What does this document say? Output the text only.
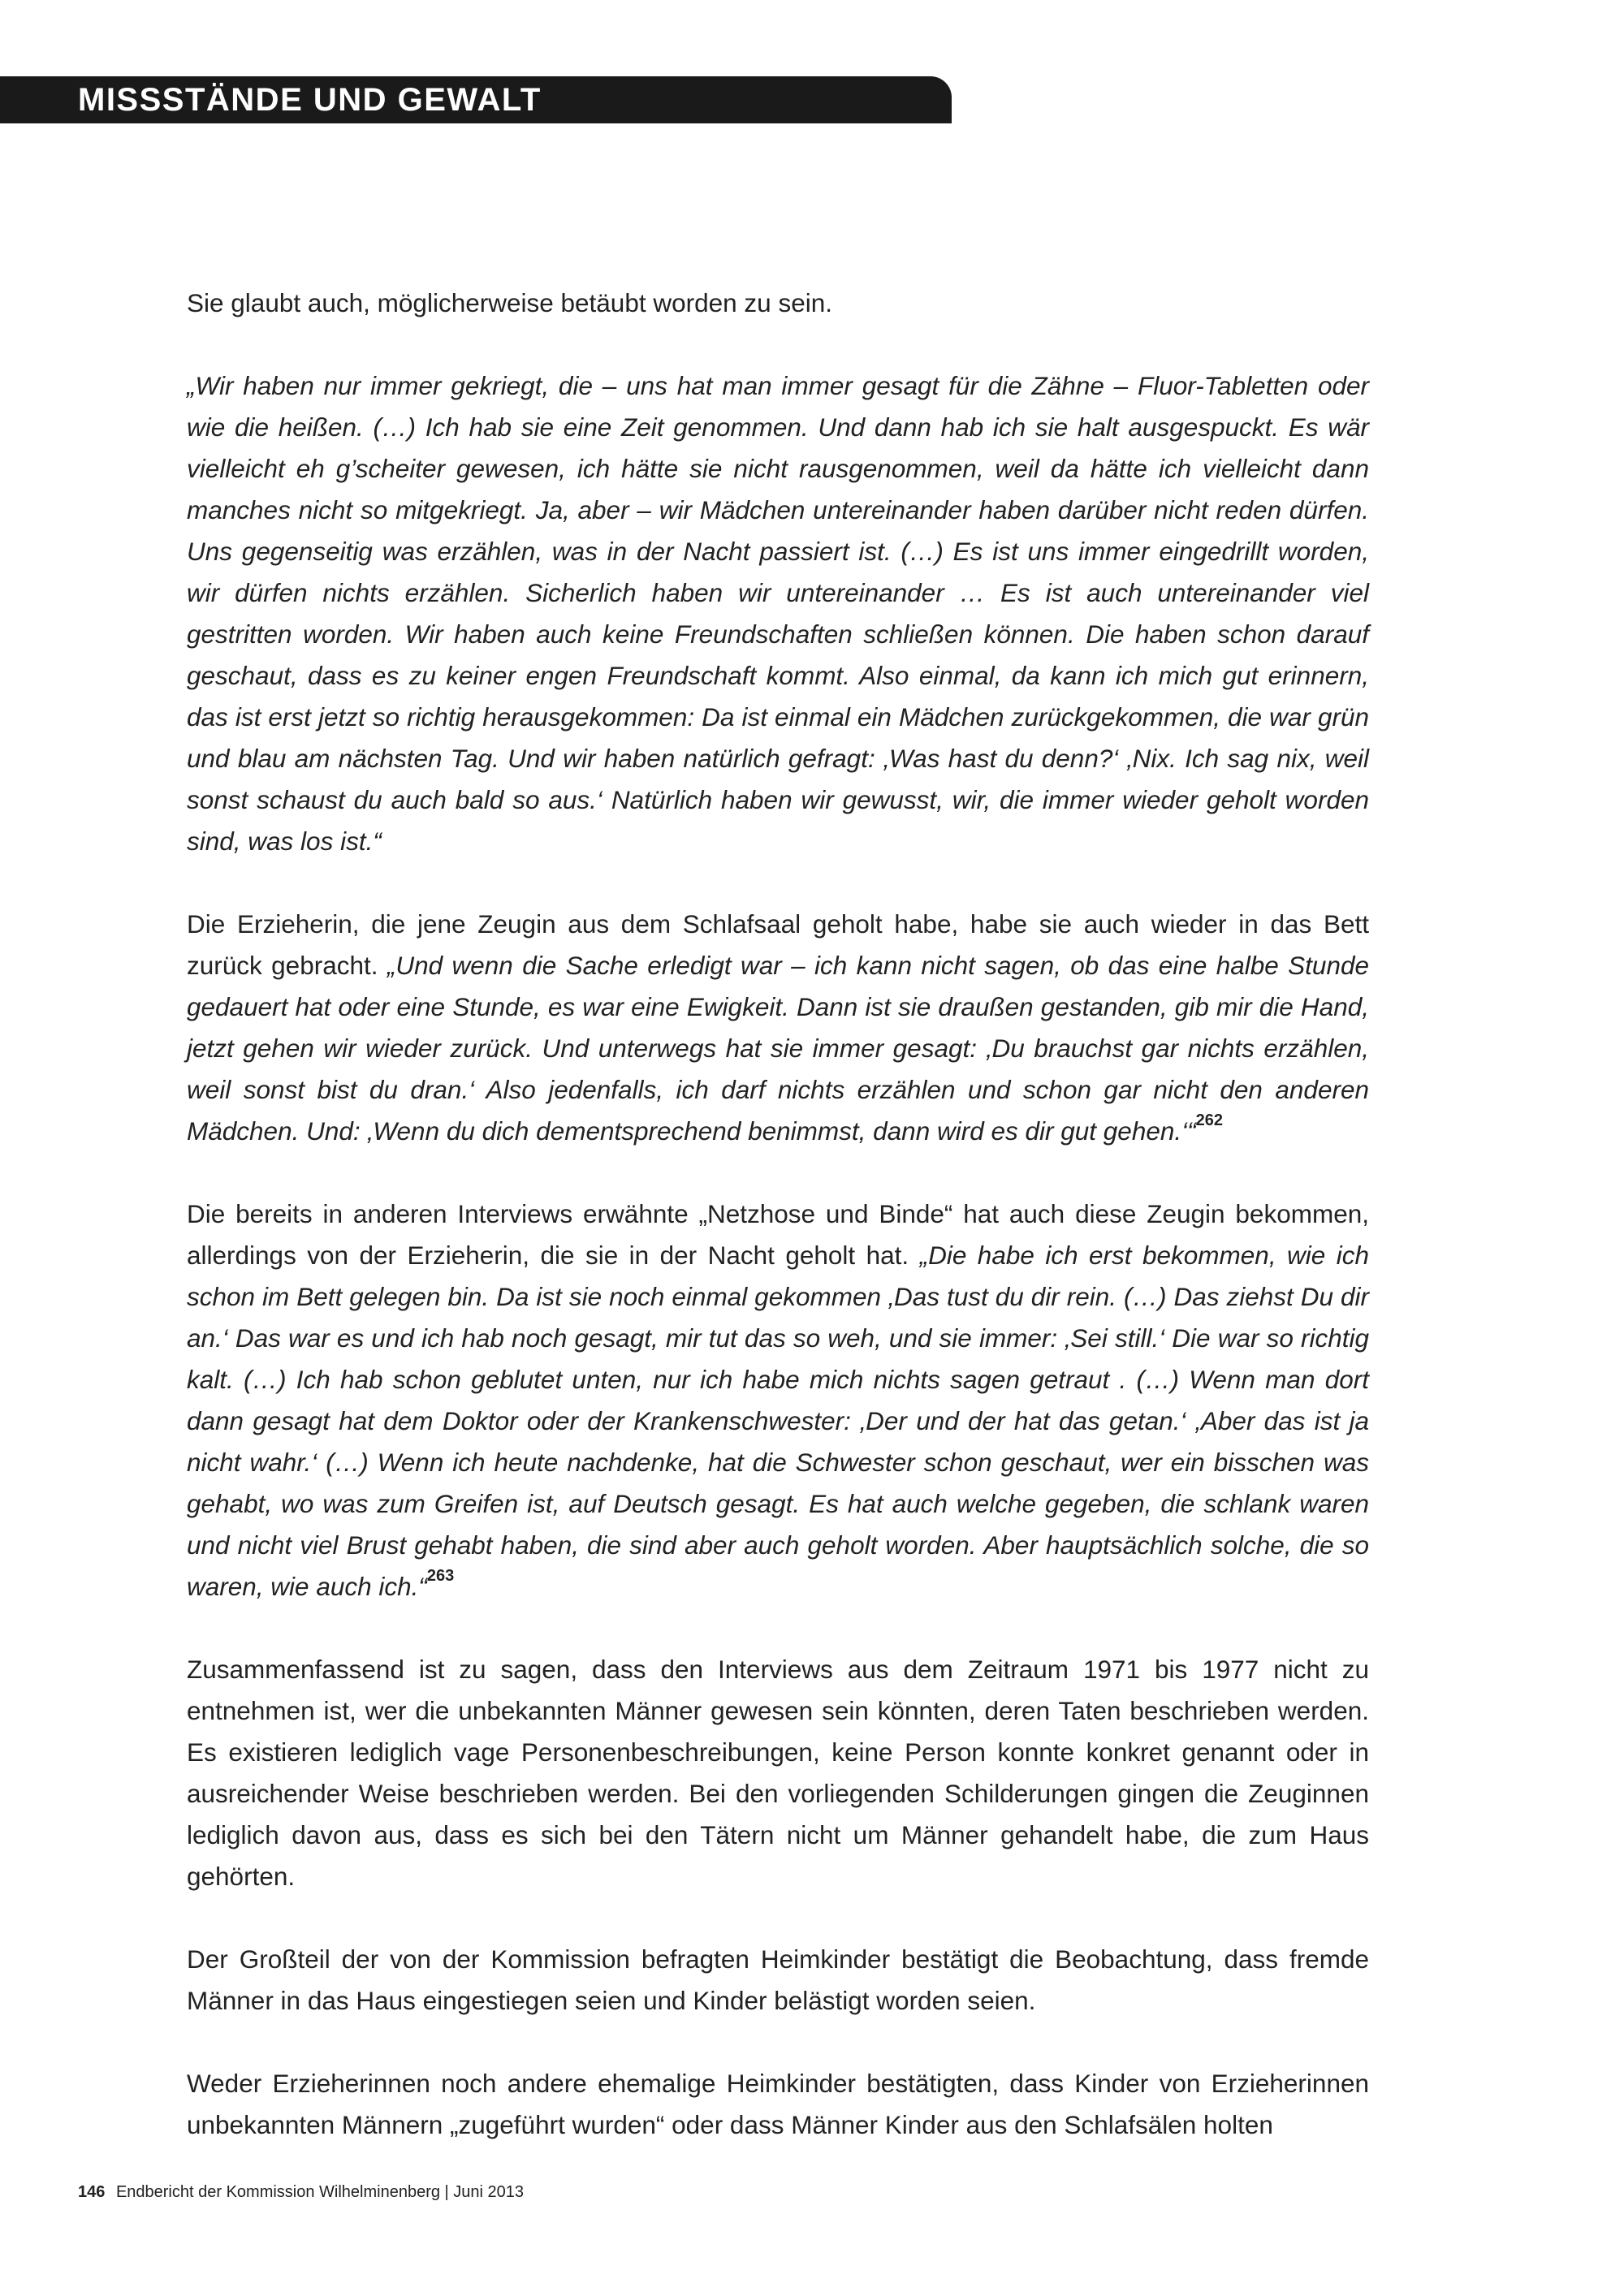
MISSSTÄNDE UND GEWALT

Sie glaubt auch, möglicherweise betäubt worden zu sein.

„Wir haben nur immer gekriegt, die – uns hat man immer gesagt für die Zähne – Fluor-Tabletten oder wie die heißen. (…) Ich hab sie eine Zeit genommen. Und dann hab ich sie halt ausgespuckt. Es wär vielleicht eh g’scheiter gewesen, ich hätte sie nicht rausgenommen, weil da hätte ich vielleicht dann manches nicht so mitgekriegt. Ja, aber – wir Mädchen untereinander haben darüber nicht reden dürfen. Uns gegenseitig was erzählen, was in der Nacht passiert ist. (…) Es ist uns immer eingedrillt worden, wir dürfen nichts erzählen. Sicherlich haben wir untereinander … Es ist auch untereinander viel gestritten worden. Wir haben auch keine Freundschaften schließen können. Die haben schon darauf geschaut, dass es zu keiner engen Freundschaft kommt. Also einmal, da kann ich mich gut erinnern, das ist erst jetzt so richtig herausgekommen: Da ist einmal ein Mädchen zurückgekommen, die war grün und blau am nächsten Tag. Und wir haben natürlich gefragt: ‚Was hast du denn?‘ ‚Nix. Ich sag nix, weil sonst schaust du auch bald so aus.‘ Natürlich haben wir gewusst, wir, die immer wieder geholt worden sind, was los ist.“

Die Erzieherin, die jene Zeugin aus dem Schlafsaal geholt habe, habe sie auch wieder in das Bett zurück gebracht. „Und wenn die Sache erledigt war – ich kann nicht sagen, ob das eine halbe Stunde gedauert hat oder eine Stunde, es war eine Ewigkeit. Dann ist sie draußen gestanden, gib mir die Hand, jetzt gehen wir wieder zurück. Und unterwegs hat sie immer gesagt: ‚Du brauchst gar nichts erzählen, weil sonst bist du dran.‘ Also jedenfalls, ich darf nichts erzählen und schon gar nicht den anderen Mädchen. Und: ‚Wenn du dich dementsprechend benimmst, dann wird es dir gut gehen.‘“$^{262}$

Die bereits in anderen Interviews erwähnte „Netzhose und Binde“ hat auch diese Zeugin bekommen, allerdings von der Erzieherin, die sie in der Nacht geholt hat. „Die habe ich erst bekommen, wie ich schon im Bett gelegen bin. Da ist sie noch einmal gekommen ‚Das tust du dir rein. (…) Das ziehst Du dir an.‘ Das war es und ich hab noch gesagt, mir tut das so weh, und sie immer: ‚Sei still.‘ Die war so richtig kalt. (…) Ich hab schon geblutet unten, nur ich habe mich nichts sagen getraut . (…) Wenn man dort dann gesagt hat dem Doktor oder der Krankenschwester: ‚Der und der hat das getan.‘ ‚Aber das ist ja nicht wahr.‘ (…) Wenn ich heute nachdenke, hat die Schwester schon geschaut, wer ein bisschen was gehabt, wo was zum Greifen ist, auf Deutsch gesagt. Es hat auch welche gegeben, die schlank waren und nicht viel Brust gehabt haben, die sind aber auch geholt worden. Aber hauptsächlich solche, die so waren, wie auch ich.“$^{263}$

Zusammenfassend ist zu sagen, dass den Interviews aus dem Zeitraum 1971 bis 1977 nicht zu entnehmen ist, wer die unbekannten Männer gewesen sein könnten, deren Taten beschrieben werden. Es existieren lediglich vage Personenbeschreibungen, keine Person konnte konkret genannt oder in ausreichender Weise beschrieben werden. Bei den vorliegenden Schilderungen gingen die Zeuginnen lediglich davon aus, dass es sich bei den Tätern nicht um Männer gehandelt habe, die zum Haus gehörten.

Der Großteil der von der Kommission befragten Heimkinder bestätigt die Beobachtung, dass fremde Männer in das Haus eingestiegen seien und Kinder belästigt worden seien.

Weder Erzieherinnen noch andere ehemalige Heimkinder bestätigten, dass Kinder von Erzieherinnen unbekannten Männern „zugeführt wurden“ oder dass Männer Kinder aus den Schlafsälen holten

146 Endbericht der Kommission Wilhelminenberg | Juni 2013
